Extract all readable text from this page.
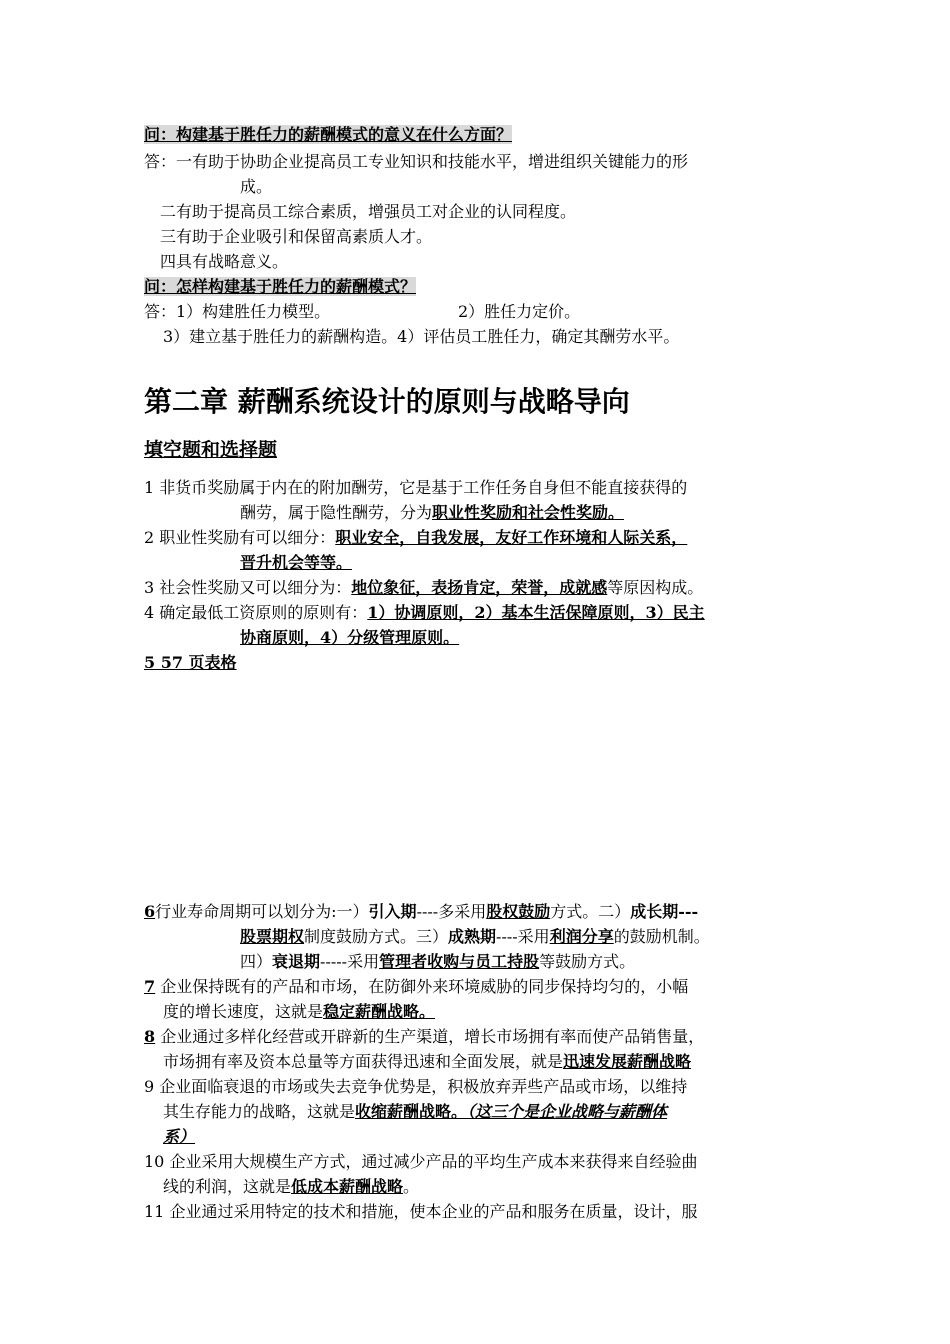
问：构建基于胜任力的薪酬模式的意义在什么方面？
答：一有助于协助企业提高员工专业知识和技能水平，增进组织关键能力的形
成。
二有助于提高员工综合素质，增强员工对企业的认同程度。
三有助于企业吸引和保留高素质人才。
四具有战略意义。
问：怎样构建基于胜任力的薪酬模式？
答：1）构建胜任力模型。	2）胜任力定价。
3）建立基于胜任力的薪酬构造。4）评估员工胜任力，确定其酬劳水平。
第二章 薪酬系统设计的原则与战略导向
填空题和选择题
1 非货币奖励属于内在的附加酬劳，它是基于工作任务自身但不能直接获得的
酬劳，属于隐性酬劳，分为职业性奖励和社会性奖励。
2 职业性奖励有可以细分：职业安全，自我发展，友好工作环境和人际关系，
晋升机会等等。
3 社会性奖励又可以细分为：地位象征，表扬肯定，荣誉，成就感等原因构成。
4 确定最低工资原则的原则有：1）协调原则，2）基本生活保障原则，3）民主
协商原则，4）分级管理原则。
5 57 页表格
6行业寿命周期可以划分为:一）引入期----多采用股权鼓励方式。二）成长期---
股票期权制度鼓励方式。三）成熟期----采用利润分享的鼓励机制。
四）衰退期-----采用管理者收购与员工持股等鼓励方式。
7 企业保持既有的产品和市场，在防御外来环境威胁的同步保持均匀的，小幅
度的增长速度，这就是稳定薪酬战略。
8 企业通过多样化经营或开辟新的生产渠道，增长市场拥有率而使产品销售量，
市场拥有率及资本总量等方面获得迅速和全面发展，就是迅速发展薪酬战略
9 企业面临衰退的市场或失去竞争优势是，积极放弃弄些产品或市场，以维持
其生存能力的战略，这就是收缩薪酬战略。（这三个是企业战略与薪酬体
系）
10 企业采用大规模生产方式，通过减少产品的平均生产成本来获得来自经验曲
线的利润，这就是低成本薪酬战略。
11 企业通过采用特定的技术和措施，使本企业的产品和服务在质量，设计，服
